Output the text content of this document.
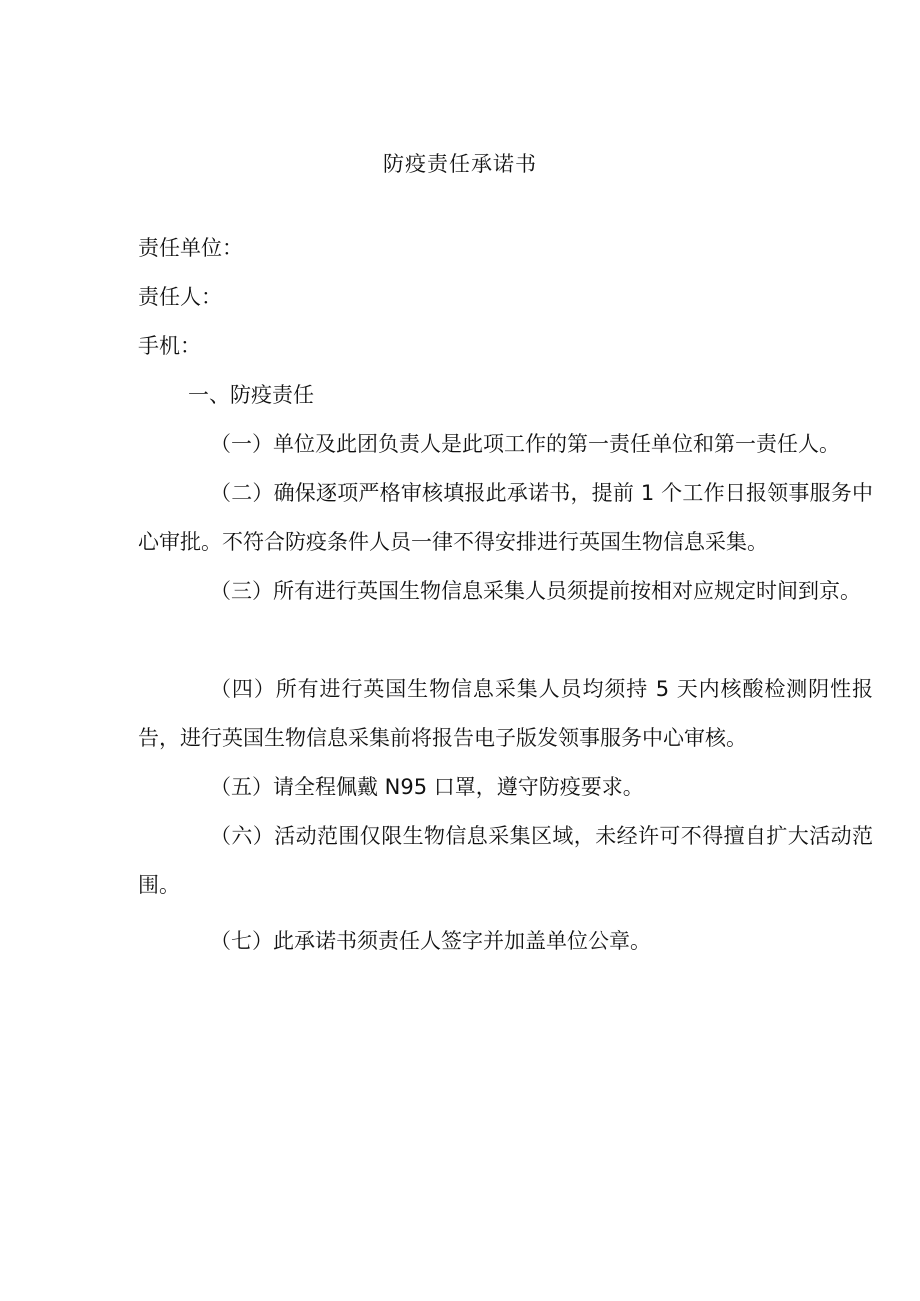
防疫责任承诺书
责任单位：
责任人：
手机：
一、防疫责任
（一）单位及此团负责人是此项工作的第一责任单位和第一责任人。
（二）确保逐项严格审核填报此承诺书，提前 1 个工作日报领事服务中心审批。不符合防疫条件人员一律不得安排进行英国生物信息采集。
（三）所有进行英国生物信息采集人员须提前按相对应规定时间到京。
（四）所有进行英国生物信息采集人员均须持 5 天内核酸检测阴性报告，进行英国生物信息采集前将报告电子版发领事服务中心审核。
（五）请全程佩戴 N95 口罩，遵守防疫要求。
（六）活动范围仅限生物信息采集区域，未经许可不得擅自扩大活动范围。
（七）此承诺书须责任人签字并加盖单位公章。
